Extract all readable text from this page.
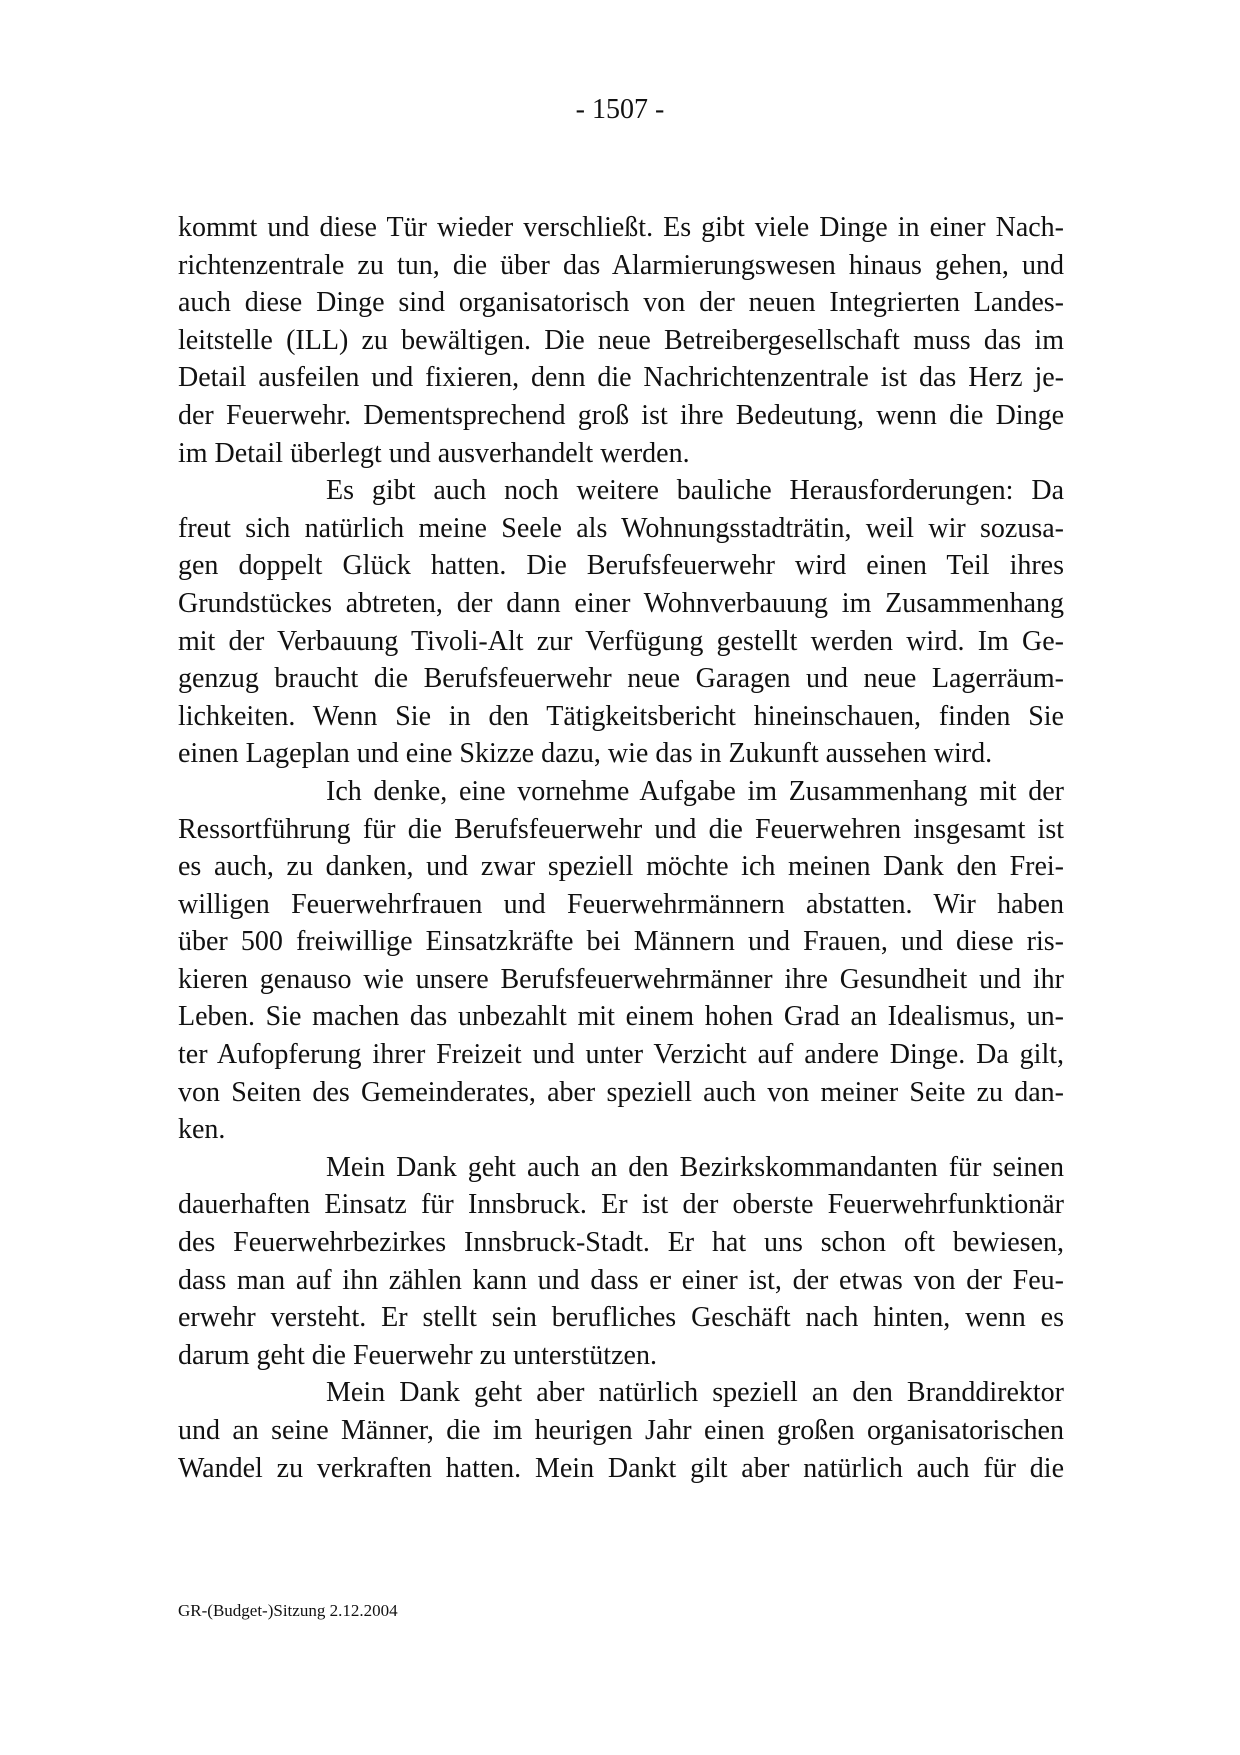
- 1507 -
kommt und diese Tür wieder verschließt. Es gibt viele Dinge in einer Nach-
richtenzentrale zu tun, die über das Alarmierungswesen hinaus gehen, und
auch diese Dinge sind organisatorisch von der neuen Integrierten Landes-
leitstelle (ILL) zu bewältigen. Die neue Betreibergesellschaft muss das im
Detail ausfeilen und fixieren, denn die Nachrichtenzentrale ist das Herz je-
der Feuerwehr. Dementsprechend groß ist ihre Bedeutung, wenn die Dinge
im Detail überlegt und ausverhandelt werden.
Es gibt auch noch weitere bauliche Herausforderungen: Da
freut sich natürlich meine Seele als Wohnungsstadträtin, weil wir sozusa-
gen doppelt Glück hatten. Die Berufsfeuerwehr wird einen Teil ihres
Grundstückes abtreten, der dann einer Wohnverbauung im Zusammenhang
mit der Verbauung Tivoli-Alt zur Verfügung gestellt werden wird. Im Ge-
genzug braucht die Berufsfeuerwehr neue Garagen und neue Lagerräum-
lichkeiten. Wenn Sie in den Tätigkeitsbericht hineinschauen, finden Sie
einen Lageplan und eine Skizze dazu, wie das in Zukunft aussehen wird.
Ich denke, eine vornehme Aufgabe im Zusammenhang mit der
Ressortführung für die Berufsfeuerwehr und die Feuerwehren insgesamt ist
es auch, zu danken, und zwar speziell möchte ich meinen Dank den Frei-
willigen Feuerwehrfrauen und Feuerwehrmännern abstatten. Wir haben
über 500 freiwillige Einsatzkräfte bei Männern und Frauen, und diese ris-
kieren genauso wie unsere Berufsfeuerwehrmänner ihre Gesundheit und ihr
Leben. Sie machen das unbezahlt mit einem hohen Grad an Idealismus, un-
ter Aufopferung ihrer Freizeit und unter Verzicht auf andere Dinge. Da gilt,
von Seiten des Gemeinderates, aber speziell auch von meiner Seite zu dan-
ken.
Mein Dank geht auch an den Bezirkskommandanten für seinen
dauerhaften Einsatz für Innsbruck. Er ist der oberste Feuerwehrfunktionär
des Feuerwehrbezirkes Innsbruck-Stadt. Er hat uns schon oft bewiesen,
dass man auf ihn zählen kann und dass er einer ist, der etwas von der Feu-
erwehr versteht. Er stellt sein berufliches Geschäft nach hinten, wenn es
darum geht die Feuerwehr zu unterstützen.
Mein Dank geht aber natürlich speziell an den Branddirektor
und an seine Männer, die im heurigen Jahr einen großen organisatorischen
Wandel zu verkraften hatten. Mein Dankt gilt aber natürlich auch für die
GR-(Budget-)Sitzung 2.12.2004
